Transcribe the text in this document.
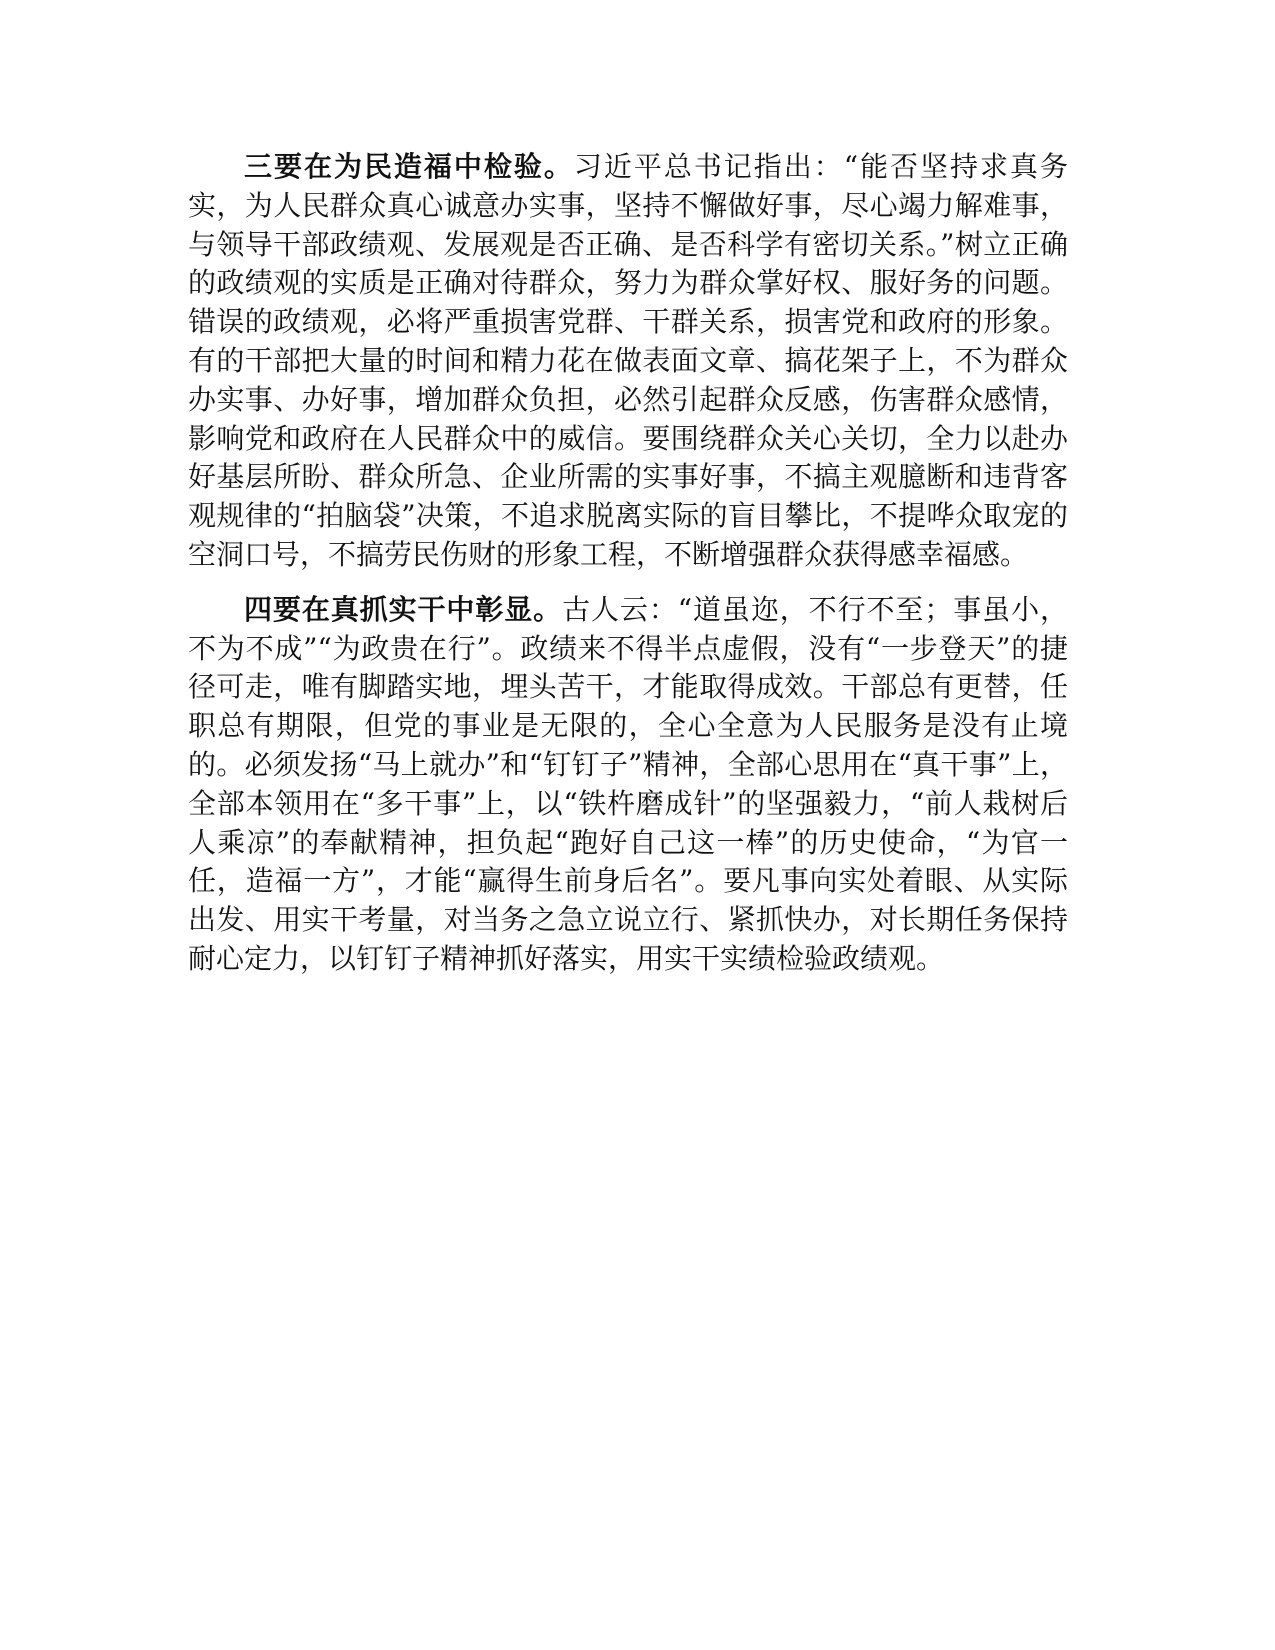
三要在为民造福中检验。习近平总书记指出：“能否坚持求真务实，为人民群众真心诚意办实事，坚持不懈做好事，尽心竭力解难事，与领导干部政绩观、发展观是否正确、是否科学有密切关系。”树立正确的政绩观的实质是正确对待群众，努力为群众掌好权、服好务的问题。错误的政绩观，必将严重损害党群、干群关系，损害党和政府的形象。有的干部把大量的时间和精力花在做表面文章、搞花架子上，不为群众办实事、办好事，增加群众负担，必然引起群众反感，伤害群众感情，影响党和政府在人民群众中的威信。要围绕群众关心关切，全力以赴办好基层所盼、群众所急、企业所需的实事好事，不搞主观臆断和违背客观规律的“拍脑袋”决策，不追求脱离实际的盲目攀比，不提哗众取宠的空洞口号，不搞劳民伤财的形象工程，不断增强群众获得感幸福感。

四要在真抓实干中彰显。古人云：“道虽迩，不行不至；事虽小，不为不成”“为政贵在行”。政绩来不得半点虚假，没有“一步登天”的捷径可走，唯有脚踏实地，埋头苦干，才能取得成效。干部总有更替，任职总有期限，但党的事业是无限的，全心全意为人民服务是没有止境的。必须发扬“马上就办”和“钉钉子”精神，全部心思用在“真干事”上，全部本领用在“多干事”上，以“铁杵磨成针”的坚强毅力，“前人栽树后人乘凉”的奉献精神，担负起“跑好自己这一棒”的历史使命，“为官一任，造福一方”，才能“赢得生前身后名”。要凡事向实处着眼、从实际出发、用实干考量，对当务之急立说立行、紧抓快办，对长期任务保持耐心定力，以钉钉子精神抓好落实，用实干实绩检验政绩观。
